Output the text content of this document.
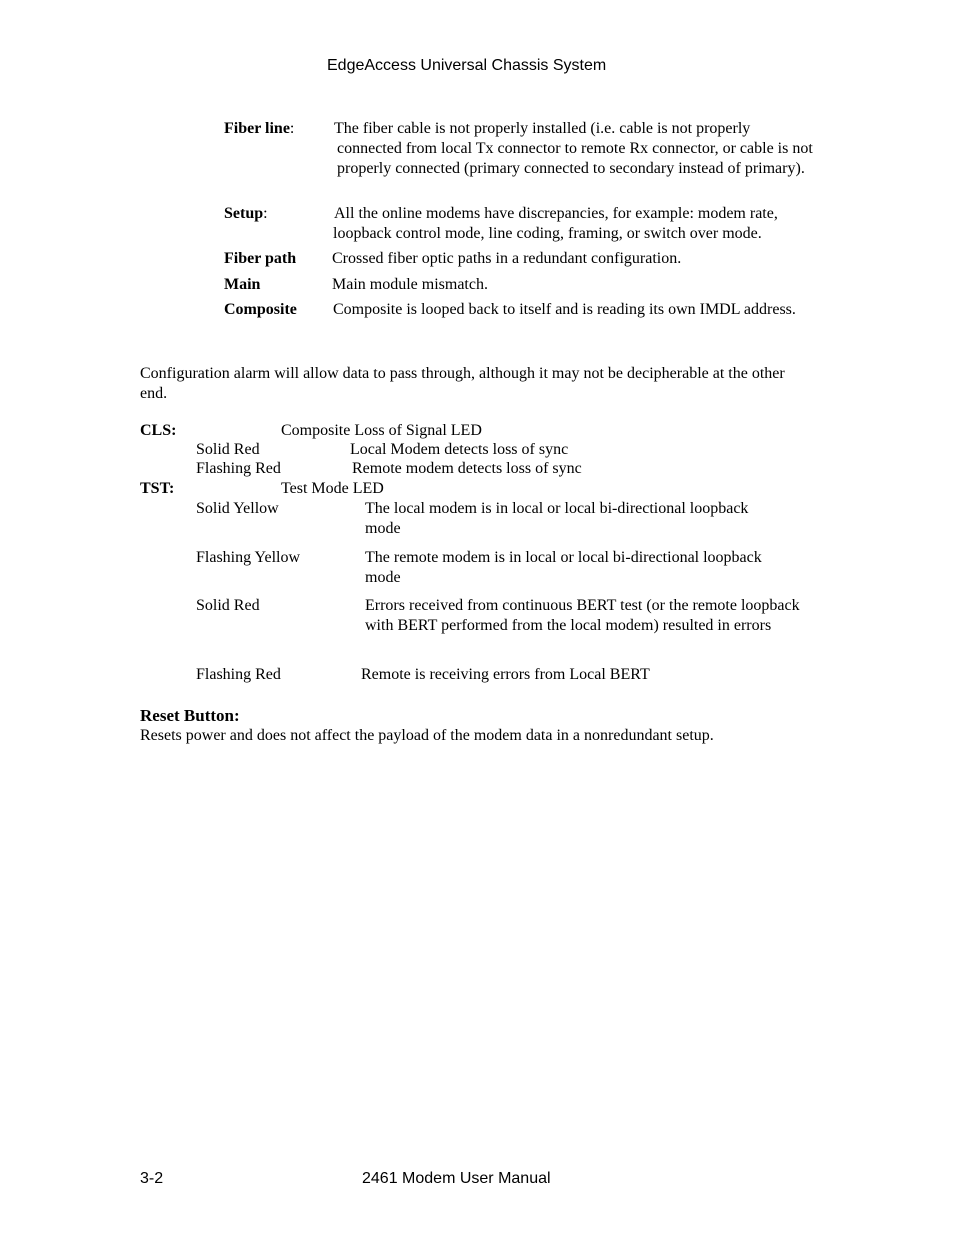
EdgeAccess Universal Chassis System
Fiber line: The fiber cable is not properly installed (i.e. cable is not properly connected from local Tx connector to remote Rx connector, or cable is not properly connected (primary connected to secondary instead of primary).
Setup:	All the online modems have discrepancies, for example: modem rate, loopback control mode, line coding, framing, or switch over mode.
Fiber path Crossed fiber optic paths in a redundant configuration.
Main	Main module mismatch.
Composite Composite is looped back to itself and is reading its own IMDL address.
Configuration alarm will allow data to pass through, although it may not be decipherable at the other end.
CLS:	Composite Loss of Signal LED
Solid Red	Local Modem detects loss of sync
Flashing Red	Remote modem detects loss of sync
TST:	Test Mode LED
Solid Yellow	The local modem is in local or local bi-directional loopback mode
Flashing Yellow	The remote modem is in local or local bi-directional loopback mode
Solid Red	Errors received from continuous BERT test (or the remote loopback with BERT performed from the local modem) resulted in errors
Flashing Red	Remote is receiving errors from Local BERT
Reset Button:
Resets power and does not affect the payload of the modem data in a nonredundant setup.
3-2	2461 Modem User Manual
